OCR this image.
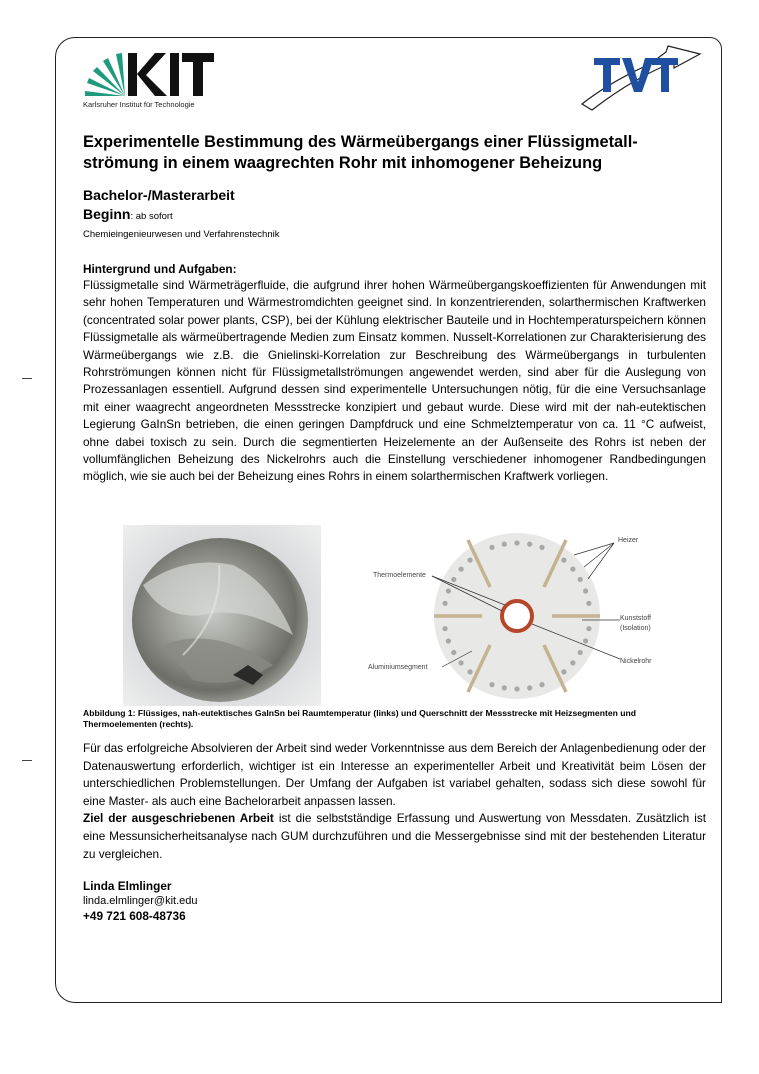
Karlsruher Institut für Technologie
Experimentelle Bestimmung des Wärmeübergangs einer Flüssigmetall-strömung in einem waagrechten Rohr mit inhomogener Beheizung
Bachelor-/Masterarbeit
Beginn: ab sofort
Chemieingenieurwesen und Verfahrenstechnik
Hintergrund und Aufgaben:
Flüssigmetalle sind Wärmeträgerfluide, die aufgrund ihrer hohen Wärmeübergangskoeffizienten für Anwendungen mit sehr hohen Temperaturen und Wärmestromdichten geeignet sind. In konzentrierenden, solarthermischen Kraftwerken (concentrated solar power plants, CSP), bei der Kühlung elektrischer Bauteile und in Hochtemperaturspeichern können Flüssigmetalle als wärmeübertragende Medien zum Einsatz kommen. Nusselt-Korrelationen zur Charakterisierung des Wärmeübergangs wie z.B. die Gnielinski-Korrelation zur Beschreibung des Wärmeübergangs in turbulenten Rohrströmungen können nicht für Flüssigmetallströmungen angewendet werden, sind aber für die Auslegung von Prozessanlagen essentiell. Aufgrund dessen sind experimentelle Untersuchungen nötig, für die eine Versuchsanlage mit einer waagrecht angeordneten Messstrecke konzipiert und gebaut wurde. Diese wird mit der nah-eutektischen Legierung GaInSn betrieben, die einen geringen Dampfdruck und eine Schmelztemperatur von ca. 11 °C aufweist, ohne dabei toxisch zu sein. Durch die segmentierten Heizelemente an der Außenseite des Rohrs ist neben der vollumfänglichen Beheizung des Nickelrohrs auch die Einstellung verschiedener inhomogener Randbedingungen möglich, wie sie auch bei der Beheizung eines Rohrs in einem solarthermischen Kraftwerk vorliegen.
Heizer
Thermoelemente
Kunststoff
(Isolation)
Nickelrohr
Aluminiumsegment
Abbildung 1: Flüssiges, nah-eutektisches GaInSn bei Raumtemperatur (links) und Querschnitt der Messstrecke mit Heizsegmenten und Thermoelementen (rechts).
Für das erfolgreiche Absolvieren der Arbeit sind weder Vorkenntnisse aus dem Bereich der Anlagenbedienung oder der Datenauswertung erforderlich, wichtiger ist ein Interesse an experimenteller Arbeit und Kreativität beim Lösen der unterschiedlichen Problemstellungen. Der Umfang der Aufgaben ist variabel gehalten, sodass sich diese sowohl für eine Master- als auch eine Bachelorarbeit anpassen lassen.
Ziel der ausgeschriebenen Arbeit ist die selbstständige Erfassung und Auswertung von Messdaten. Zusätzlich ist eine Messunsicherheitsanalyse nach GUM durchzuführen und die Messergebnisse sind mit der bestehenden Literatur zu vergleichen.
Linda Elmlinger
linda.elmlinger@kit.edu
+49 721 608-48736
